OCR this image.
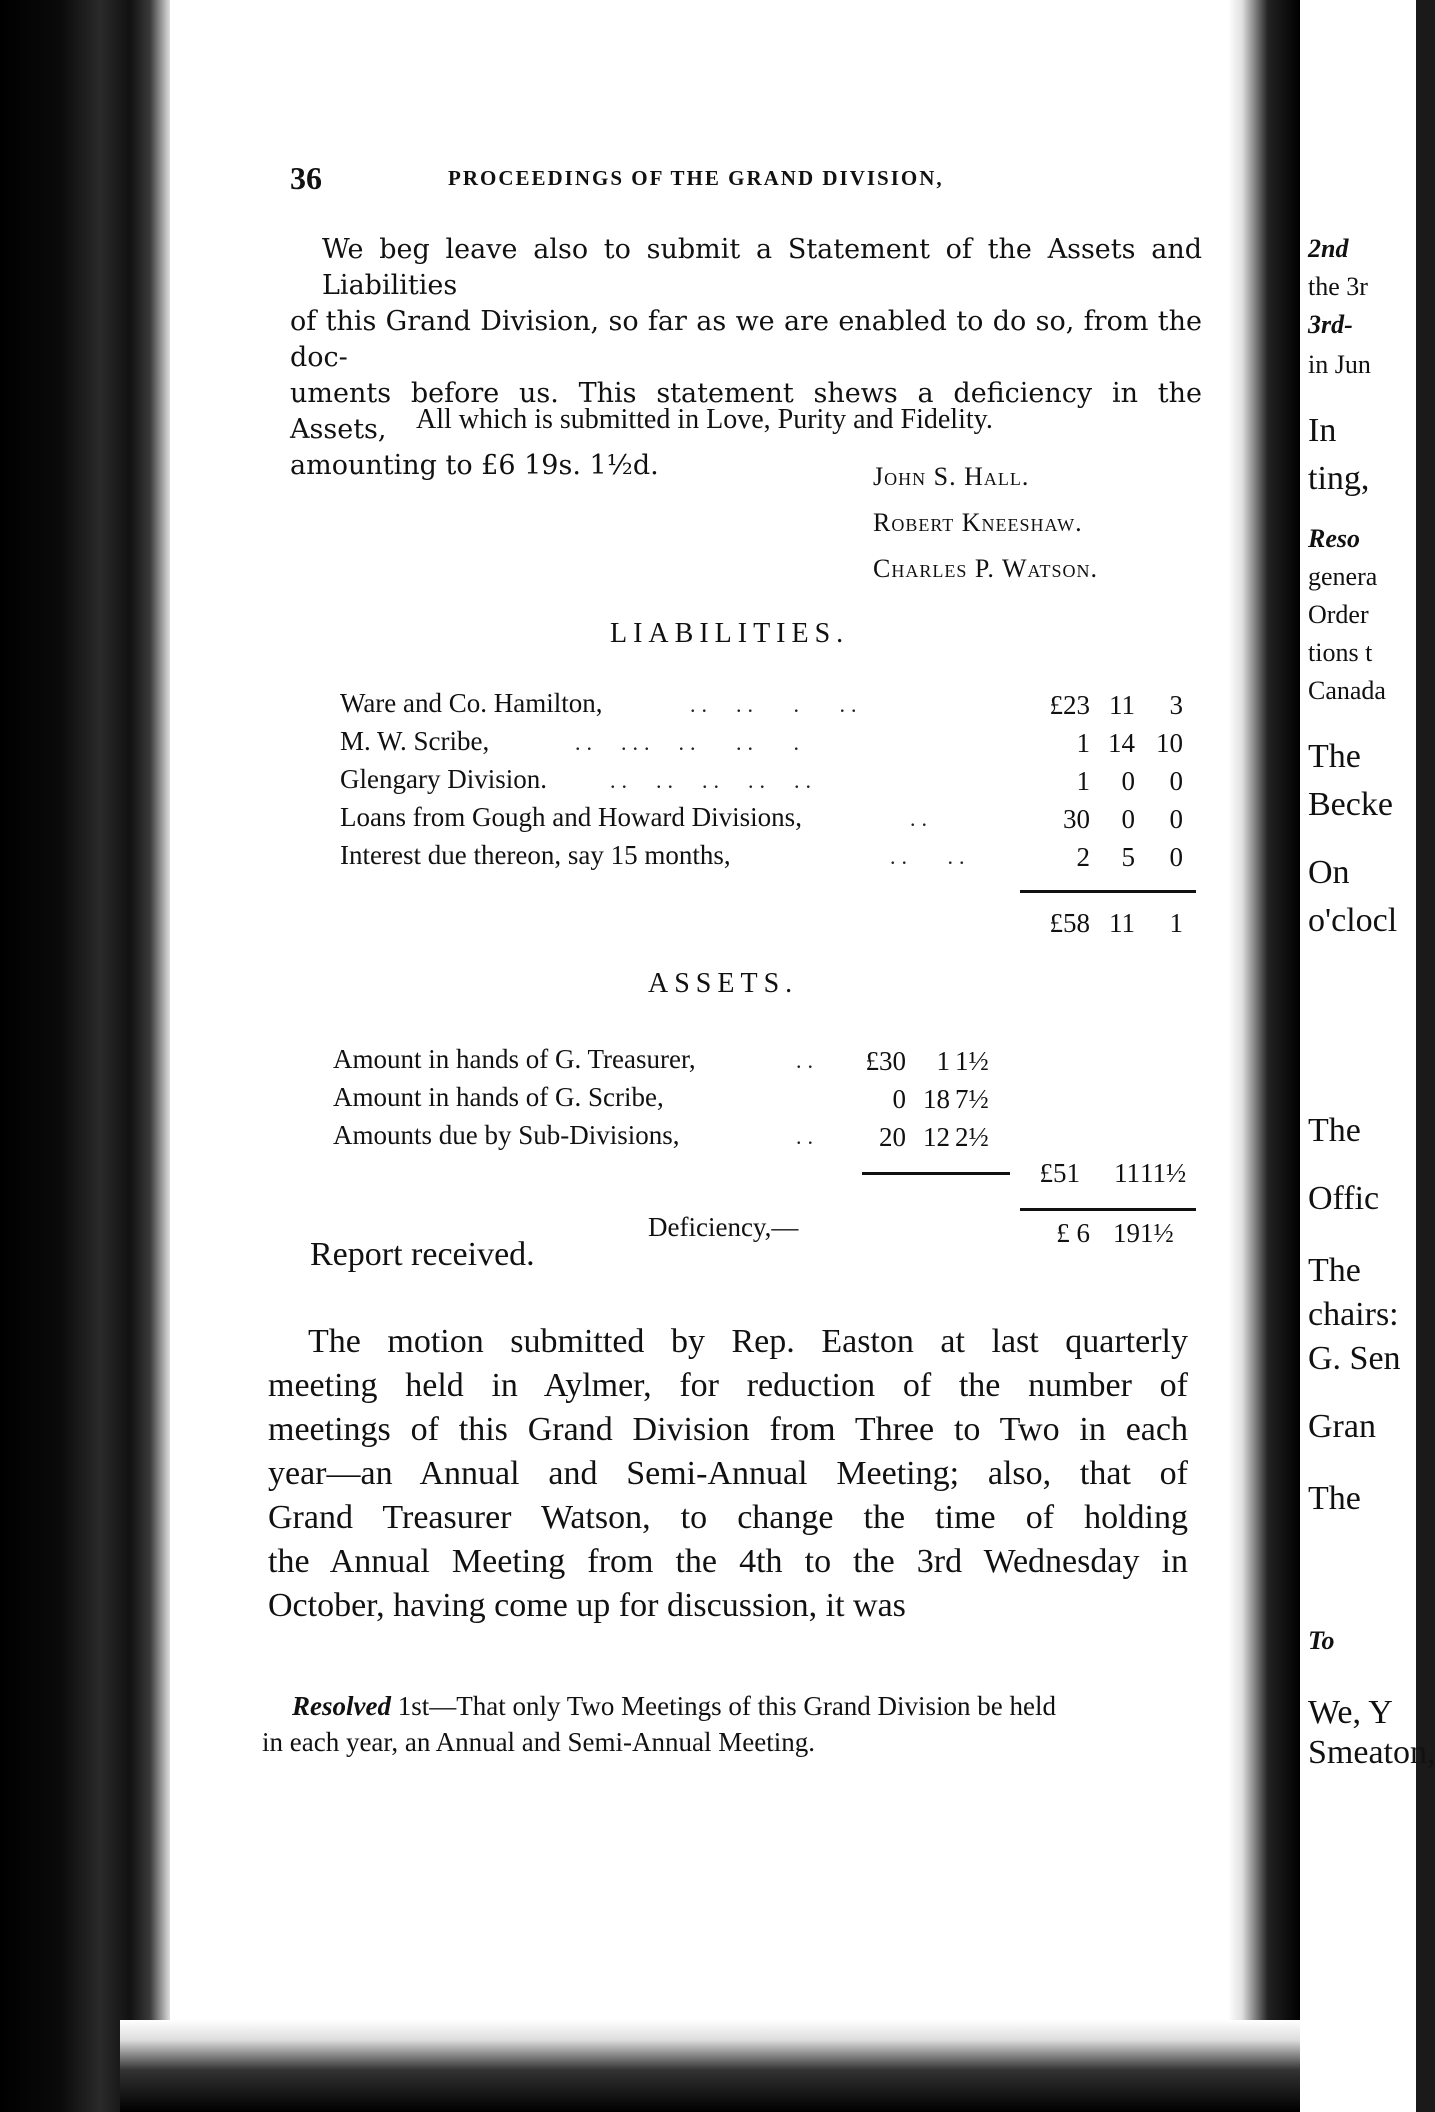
36	PROCEEDINGS OF THE GRAND DIVISION,
We beg leave also to submit a Statement of the Assets and Liabilities
of this Grand Division, so far as we are enabled to do so, from the doc-
uments before us. This statement shews a deficiency in the Assets,
amounting to £6 19s. 1½d.
All which is submitted in Love, Purity and Fidelity.
John S. Hall.
Robert Kneeshaw.
Charles P. Watson.
LIABILITIES.
Ware and Co. Hamilton,	..  ..   .   ..	£23 11	3
M. W. Scribe,	..  ...  ..   ..   .	1 14 10
Glengary Division.	..  ..  ..  ..  ..	1	0	0
Loans from Gough and Howard Divisions,	..	30	0	0
Interest due thereon, say 15 months,	..   ..	2	5	0
£58 11	1
ASSETS.
Amount in hands of G. Treasurer,	..	£30	1 1½
Amount in hands of G. Scribe,	0 18 7½
Amounts due by Sub-Divisions,	..	20 12 2½
£51	11 11½
Deficiency,—	£ 6 19 1½
Report received.
The motion submitted by Rep. Easton at last quarterly
meeting held in Aylmer, for reduction of the number of
meetings of this Grand Division from Three to Two in each
year—an Annual and Semi-Annual Meeting; also, that of
Grand Treasurer Watson, to change the time of holding
the Annual Meeting from the 4th to the 3rd Wednesday in
October, having come up for discussion, it was
Resolved 1st—That only Two Meetings of this Grand Division be held
in each year, an Annual and Semi-Annual Meeting.
2nd
the 3r
3rd-
in Jun
In
ting,
Reso
genera
Order
tions t
Canada
The
Becke
On
o'clocl
The
Offic
The
chairs:
G. Sen
Gran
The
To
We, Y
Smeaton,
